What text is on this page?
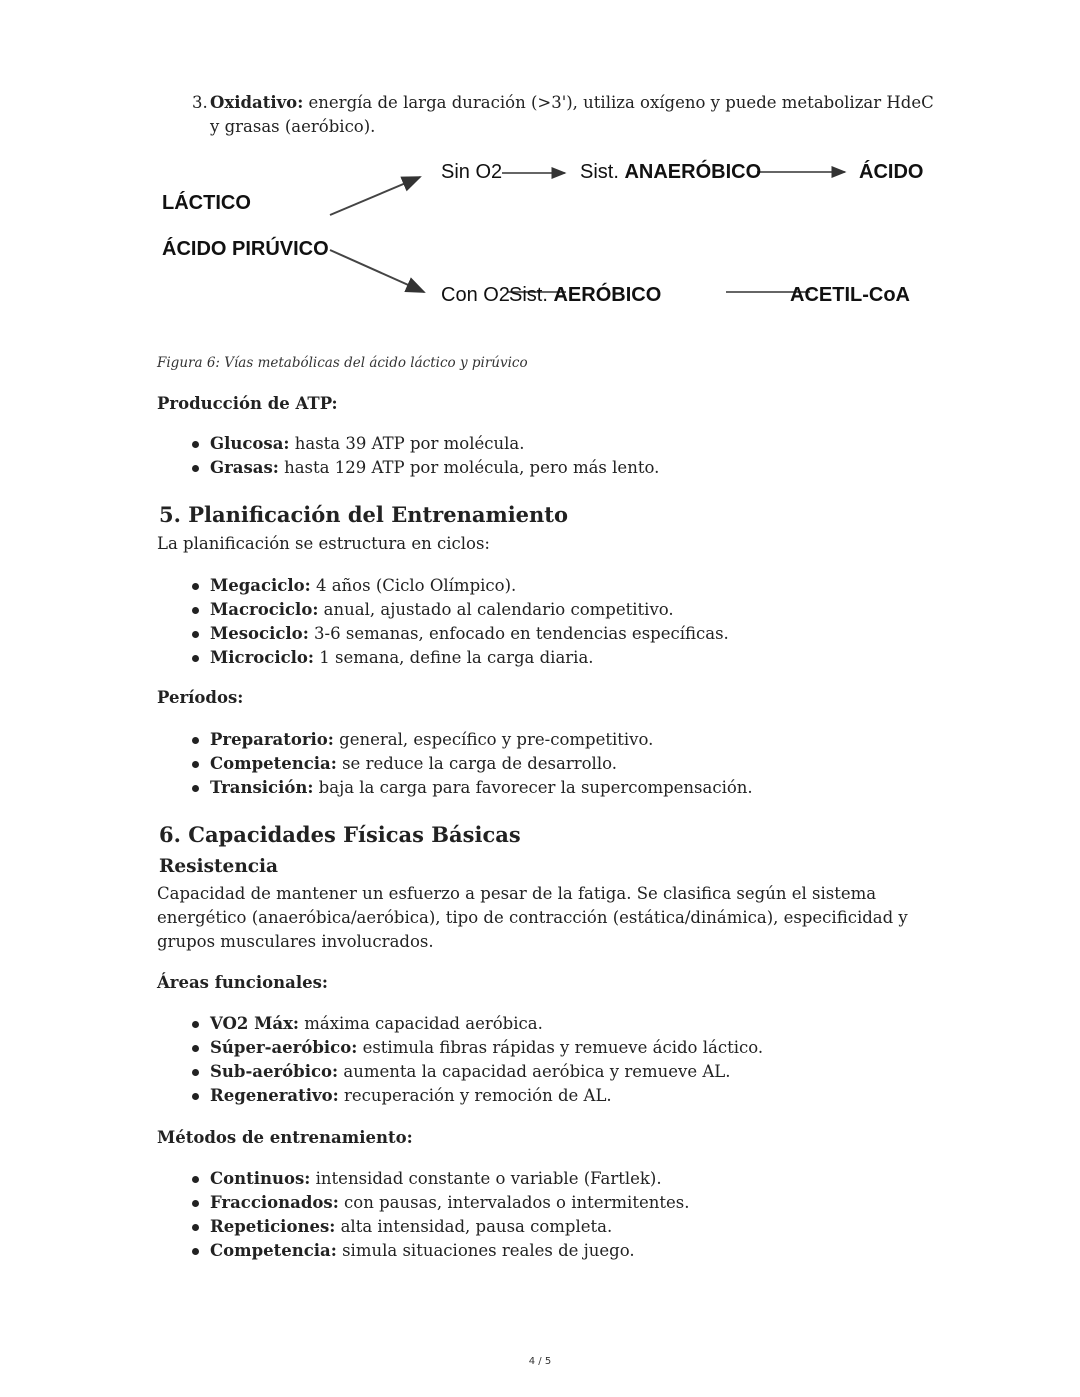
3. Oxidativo: energía de larga duración (>3'), utiliza oxígeno y puede metabolizar HdeC
y grasas (aeróbico).
LÁCTICO
ÁCIDO PIRÚVICO
Sin O2	Sist. ANAERÓBICO	ÁCIDO
Con O2 Sist. AERÓBICO	ACETIL-CoA
Figura 6: Vías metabólicas del ácido láctico y pirúvico
Producción de ATP:
Glucosa: hasta 39 ATP por molécula.
Grasas: hasta 129 ATP por molécula, pero más lento.
5. Planificación del Entrenamiento
La planificación se estructura en ciclos:
Megaciclo: 4 años (Ciclo Olímpico).
Macrociclo: anual, ajustado al calendario competitivo.
Mesociclo: 3-6 semanas, enfocado en tendencias específicas.
Microciclo: 1 semana, define la carga diaria.
Períodos:
Preparatorio: general, específico y pre-competitivo.
Competencia: se reduce la carga de desarrollo.
Transición: baja la carga para favorecer la supercompensación.
6. Capacidades Físicas Básicas
Resistencia
Capacidad de mantener un esfuerzo a pesar de la fatiga. Se clasifica según el sistema
energético (anaeróbica/aeróbica), tipo de contracción (estática/dinámica), especificidad y
grupos musculares involucrados.
Áreas funcionales:
VO2 Máx: máxima capacidad aeróbica.
Súper-aeróbico: estimula fibras rápidas y remueve ácido láctico.
Sub-aeróbico: aumenta la capacidad aeróbica y remueve AL.
Regenerativo: recuperación y remoción de AL.
Métodos de entrenamiento:
Continuos: intensidad constante o variable (Fartlek).
Fraccionados: con pausas, intervalados o intermitentes.
Repeticiones: alta intensidad, pausa completa.
Competencia: simula situaciones reales de juego.
4 / 5
